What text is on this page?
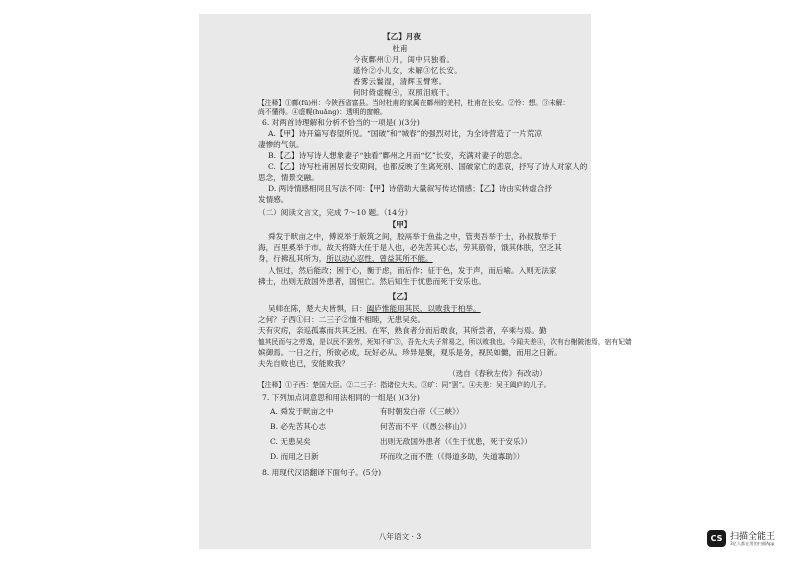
【乙】月夜
杜甫
今夜鄜州①月，闺中只独看。
遥怜②小儿女，未解③忆长安。
香雾云鬟湿，清辉玉臂寒。
何时倚虚幌④，双照泪痕干。
【注释】①鄜(fū)州：今陕西省富县。当时杜甫的家属在鄜州的羌村，杜甫在长安。②怜：想。③未解：
尚不懂得。④虚幌(huǎng)：透明的窗帷。
6. 对两首诗理解和分析不恰当的一项是( )(3分)
A.【甲】诗开篇写春望所见。“国破”和“城春”的强烈对比，为全诗营造了一片荒凉
凄惨的气氛。
B.【乙】诗写诗人想象妻子“独看”鄜州之月而“忆”长安，充满对妻子的思念。
C.【乙】诗写杜甫困居长安期间，也都反映了生离死别、国破家亡的悲哀，抒写了诗人对家人的
思念，情景交融。
D. 两诗情感相同且写法不同：【甲】诗借助大量叙写传达情感；【乙】诗由实转虚合抒
发情感。
（二）阅读文言文，完成 7～10 题。（14分）
【甲】
舜发于畎亩之中，傅说举于版筑之间，胶鬲举于鱼盐之中，管夷吾举于士，孙叔敖举于
海，百里奚举于市。故天将降大任于是人也，必先苦其心志，劳其筋骨，饿其体肤，空乏其
身，行拂乱其所为，所以动心忍性，曾益其所不能。
人恒过，然后能改；困于心，衡于虑，而后作；征于色，发于声，而后喻。入则无法家
拂士，出则无敌国外患者，国恒亡。然后知生于忧患而死于安乐也。
【乙】
吴师在陈，楚大夫皆惧，曰：阖庐惟能用其民，以败我于柏举。
之何？子西①曰：二三子②恤不相睦，无患吴矣。
天有灾疠，亲巡孤寡而共其乏困。在军，熟食者分而后敢食，其所尝者，卒乘与焉。勤
恤其民而与之劳逸，是以民不罢劳，死知不旷③，吾先大夫子常易之，所以败我也。今闻夫差④，次有台榭陂池焉，宿有妃嫱
嫔御焉。一日之行，所欲必成，玩好必从。珍异是聚，观乐是务，视民如雠，而用之日新。
夫先自败也已，安能败我？
（选自《春秋左传》有改动）
【注释】①子西：楚国大臣。②二三子：指诸位大夫。③旷：同“罢”。④夫差：吴王阖庐的儿子。
7. 下列加点词意思和用法相同的一组是( )(3分)
A. 舜发于畎亩之中	有时朝发白帝（《三峡》）
B. 必先苦其心志	何苦而不平（《愚公移山》）
C. 无患吴矣	出则无敌国外患者（《生于忧患，死于安乐》）
D. 而用之日新	环而攻之而不胜（《得道多助，失道寡助》）
8. 用现代汉语翻译下面句子。(5分)
八年语文 · 3	CS 扫描全能王
3亿人都在用的扫描App
